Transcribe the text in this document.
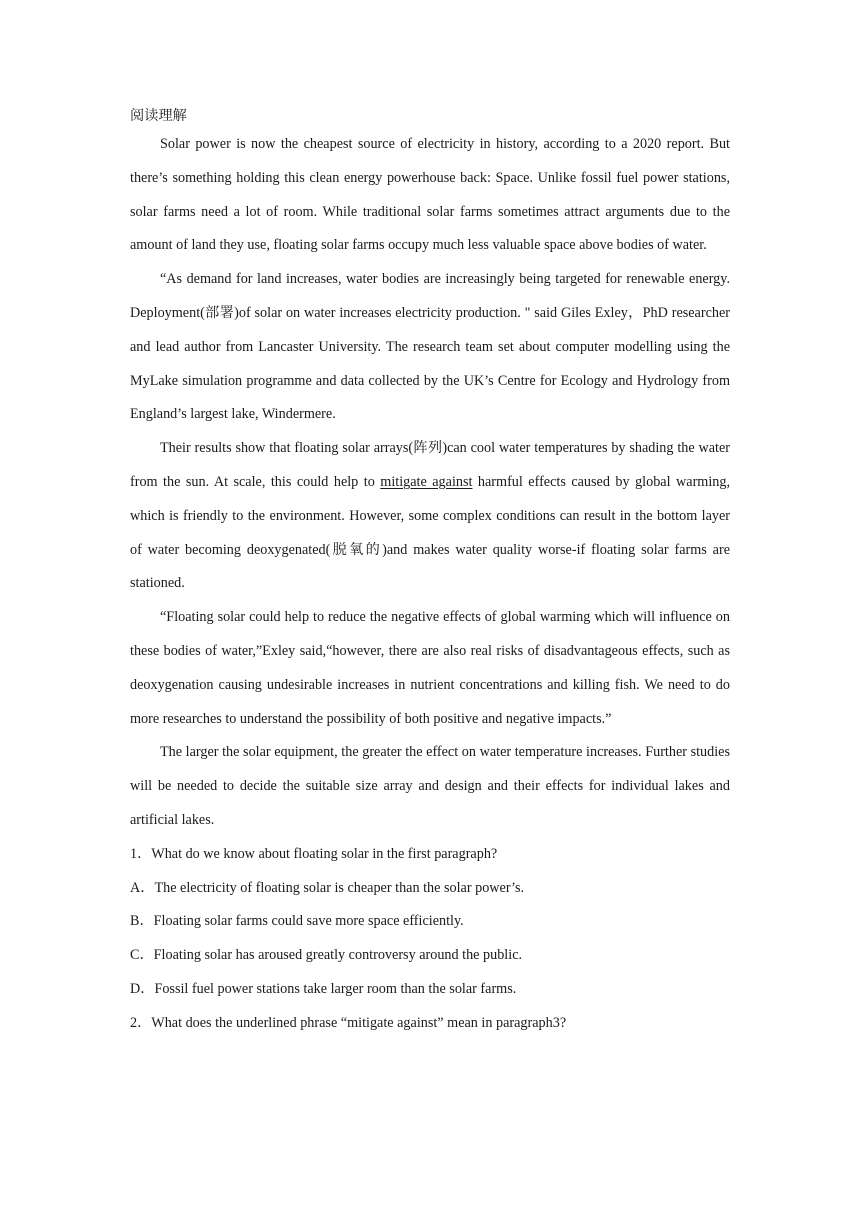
阅读理解

Solar power is now the cheapest source of electricity in history, according to a 2020 report. But there’s something holding this clean energy powerhouse back: Space. Unlike fossil fuel power stations, solar farms need a lot of room. While traditional solar farms sometimes attract arguments due to the amount of land they use, floating solar farms occupy much less valuable space above bodies of water.

“As demand for land increases, water bodies are increasingly being targeted for renewable energy. Deployment(部署)of solar on water increases electricity production. " said Giles Exley，PhD researcher and lead author from Lancaster University. The research team set about computer modelling using the MyLake simulation programme and data collected by the UK’s Centre for Ecology and Hydrology from England’s largest lake, Windermere.

Their results show that floating solar arrays(阵列)can cool water temperatures by shading the water from the sun. At scale, this could help to mitigate against harmful effects caused by global warming, which is friendly to the environment. However, some complex conditions can result in the bottom layer of water becoming deoxygenated(脱氧的)and makes water quality worse-if floating solar farms are stationed.

“Floating solar could help to reduce the negative effects of global warming which will influence on these bodies of water,”Exley said,“however, there are also real risks of disadvantageous effects, such as deoxygenation causing undesirable increases in nutrient concentrations and killing fish. We need to do more researches to understand the possibility of both positive and negative impacts.”

The larger the solar equipment, the greater the effect on water temperature increases. Further studies will be needed to decide the suitable size array and design and their effects for individual lakes and artificial lakes.

1．What do we know about floating solar in the first paragraph?

A．The electricity of floating solar is cheaper than the solar power’s.

B．Floating solar farms could save more space efficiently.

C．Floating solar has aroused greatly controversy around the public.

D．Fossil fuel power stations take larger room than the solar farms.

2．What does the underlined phrase “mitigate against” mean in paragraph3?
